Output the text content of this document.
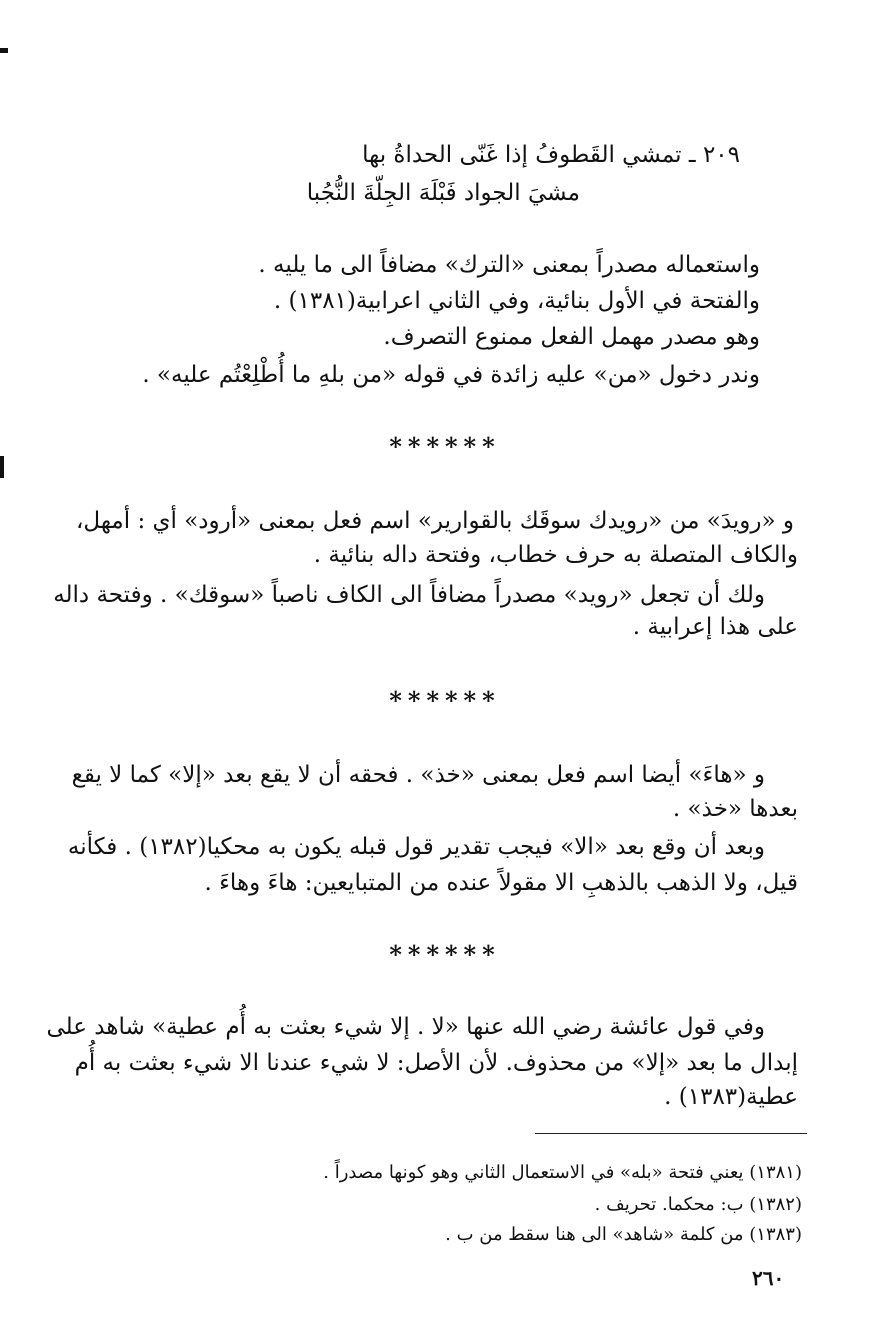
٢٠٩ ـ تمشي القَطوفُ إذا غَنّى الحداةُ بها
مشيَ الجواد فَبْلَهَ الجِلّةَ النُّجُبا
واستعماله مصدراً بمعنى «الترك» مضافاً الى ما يليه .
والفتحة في الأول بنائية، وفي الثاني اعرابية(١٣٨١) .
وهو مصدر مهمل الفعل ممنوع التصرف.
وندر دخول «من» عليه زائدة في قوله «من بلهِ ما أُطْلِعْتُم عليه» .
******
و «رويدَ» من «رويدك سوقَك بالقوارير» اسم فعل بمعنى «أرود» أي : أمهل،
والكاف المتصلة به حرف خطاب، وفتحة داله بنائية .
ولك أن تجعل «رويد» مصدراً مضافاً الى الكاف ناصباً «سوقك» . وفتحة داله
على هذا إعرابية .
******
و «هاءَ» أيضا اسم فعل بمعنى «خذ» . فحقه أن لا يقع بعد «إلا» كما لا يقع
بعدها «خذ» .
وبعد أن وقع بعد «الا» فيجب تقدير قول قبله يكون به محكيا(١٣٨٢) . فكأنه
قيل، ولا الذهب بالذهبِ الا مقولاً عنده من المتبايعين: هاءَ وهاءَ .
******
وفي قول عائشة رضي الله عنها «لا . إلا شيء بعثت به أُم عطية» شاهد على
إبدال ما بعد «إلا» من محذوف. لأن الأصل: لا شيء عندنا الا شيء بعثت به أُم
عطية(١٣٨٣) .
(١٣٨١) يعني فتحة «بله» في الاستعمال الثاني وهو كونها مصدراً .
(١٣٨٢) ب: محكما. تحريف .
(١٣٨٣) من كلمة «شاهد» الى هنا سقط من ب .
٢٦٠
